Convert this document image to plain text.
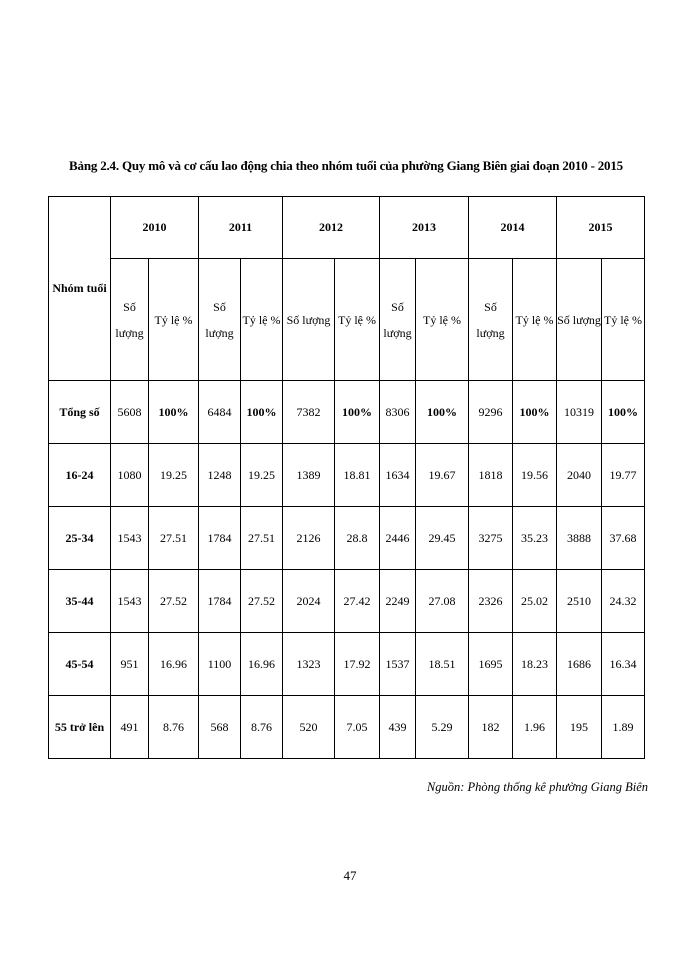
Bảng 2.4. Quy mô và cơ cấu lao động chia theo nhóm tuổi của phường Giang Biên giai đoạn 2010 - 2015
Nhóm tuổi	2010		2011		2012		2013		2014		2015	
	Số lượng	Tỷ lệ %	Số lượng	Tỷ lệ %	Số lượng	Tỷ lệ %	Số lượng	Tỷ lệ %	Số lượng	Tỷ lệ %	Số lượng	Tỷ lệ %
Tổng số	5608	100%	6484	100%	7382	100%	8306	100%	9296	100%	10319	100%
16-24	1080	19.25	1248	19.25	1389	18.81	1634	19.67	1818	19.56	2040	19.77
25-34	1543	27.51	1784	27.51	2126	28.8	2446	29.45	3275	35.23	3888	37.68
35-44	1543	27.52	1784	27.52	2024	27.42	2249	27.08	2326	25.02	2510	24.32
45-54	951	16.96	1100	16.96	1323	17.92	1537	18.51	1695	18.23	1686	16.34
55 trở lên	491	8.76	568	8.76	520	7.05	439	5.29	182	1.96	195	1.89
Nguồn: Phòng thống kê phường Giang Biên
47
